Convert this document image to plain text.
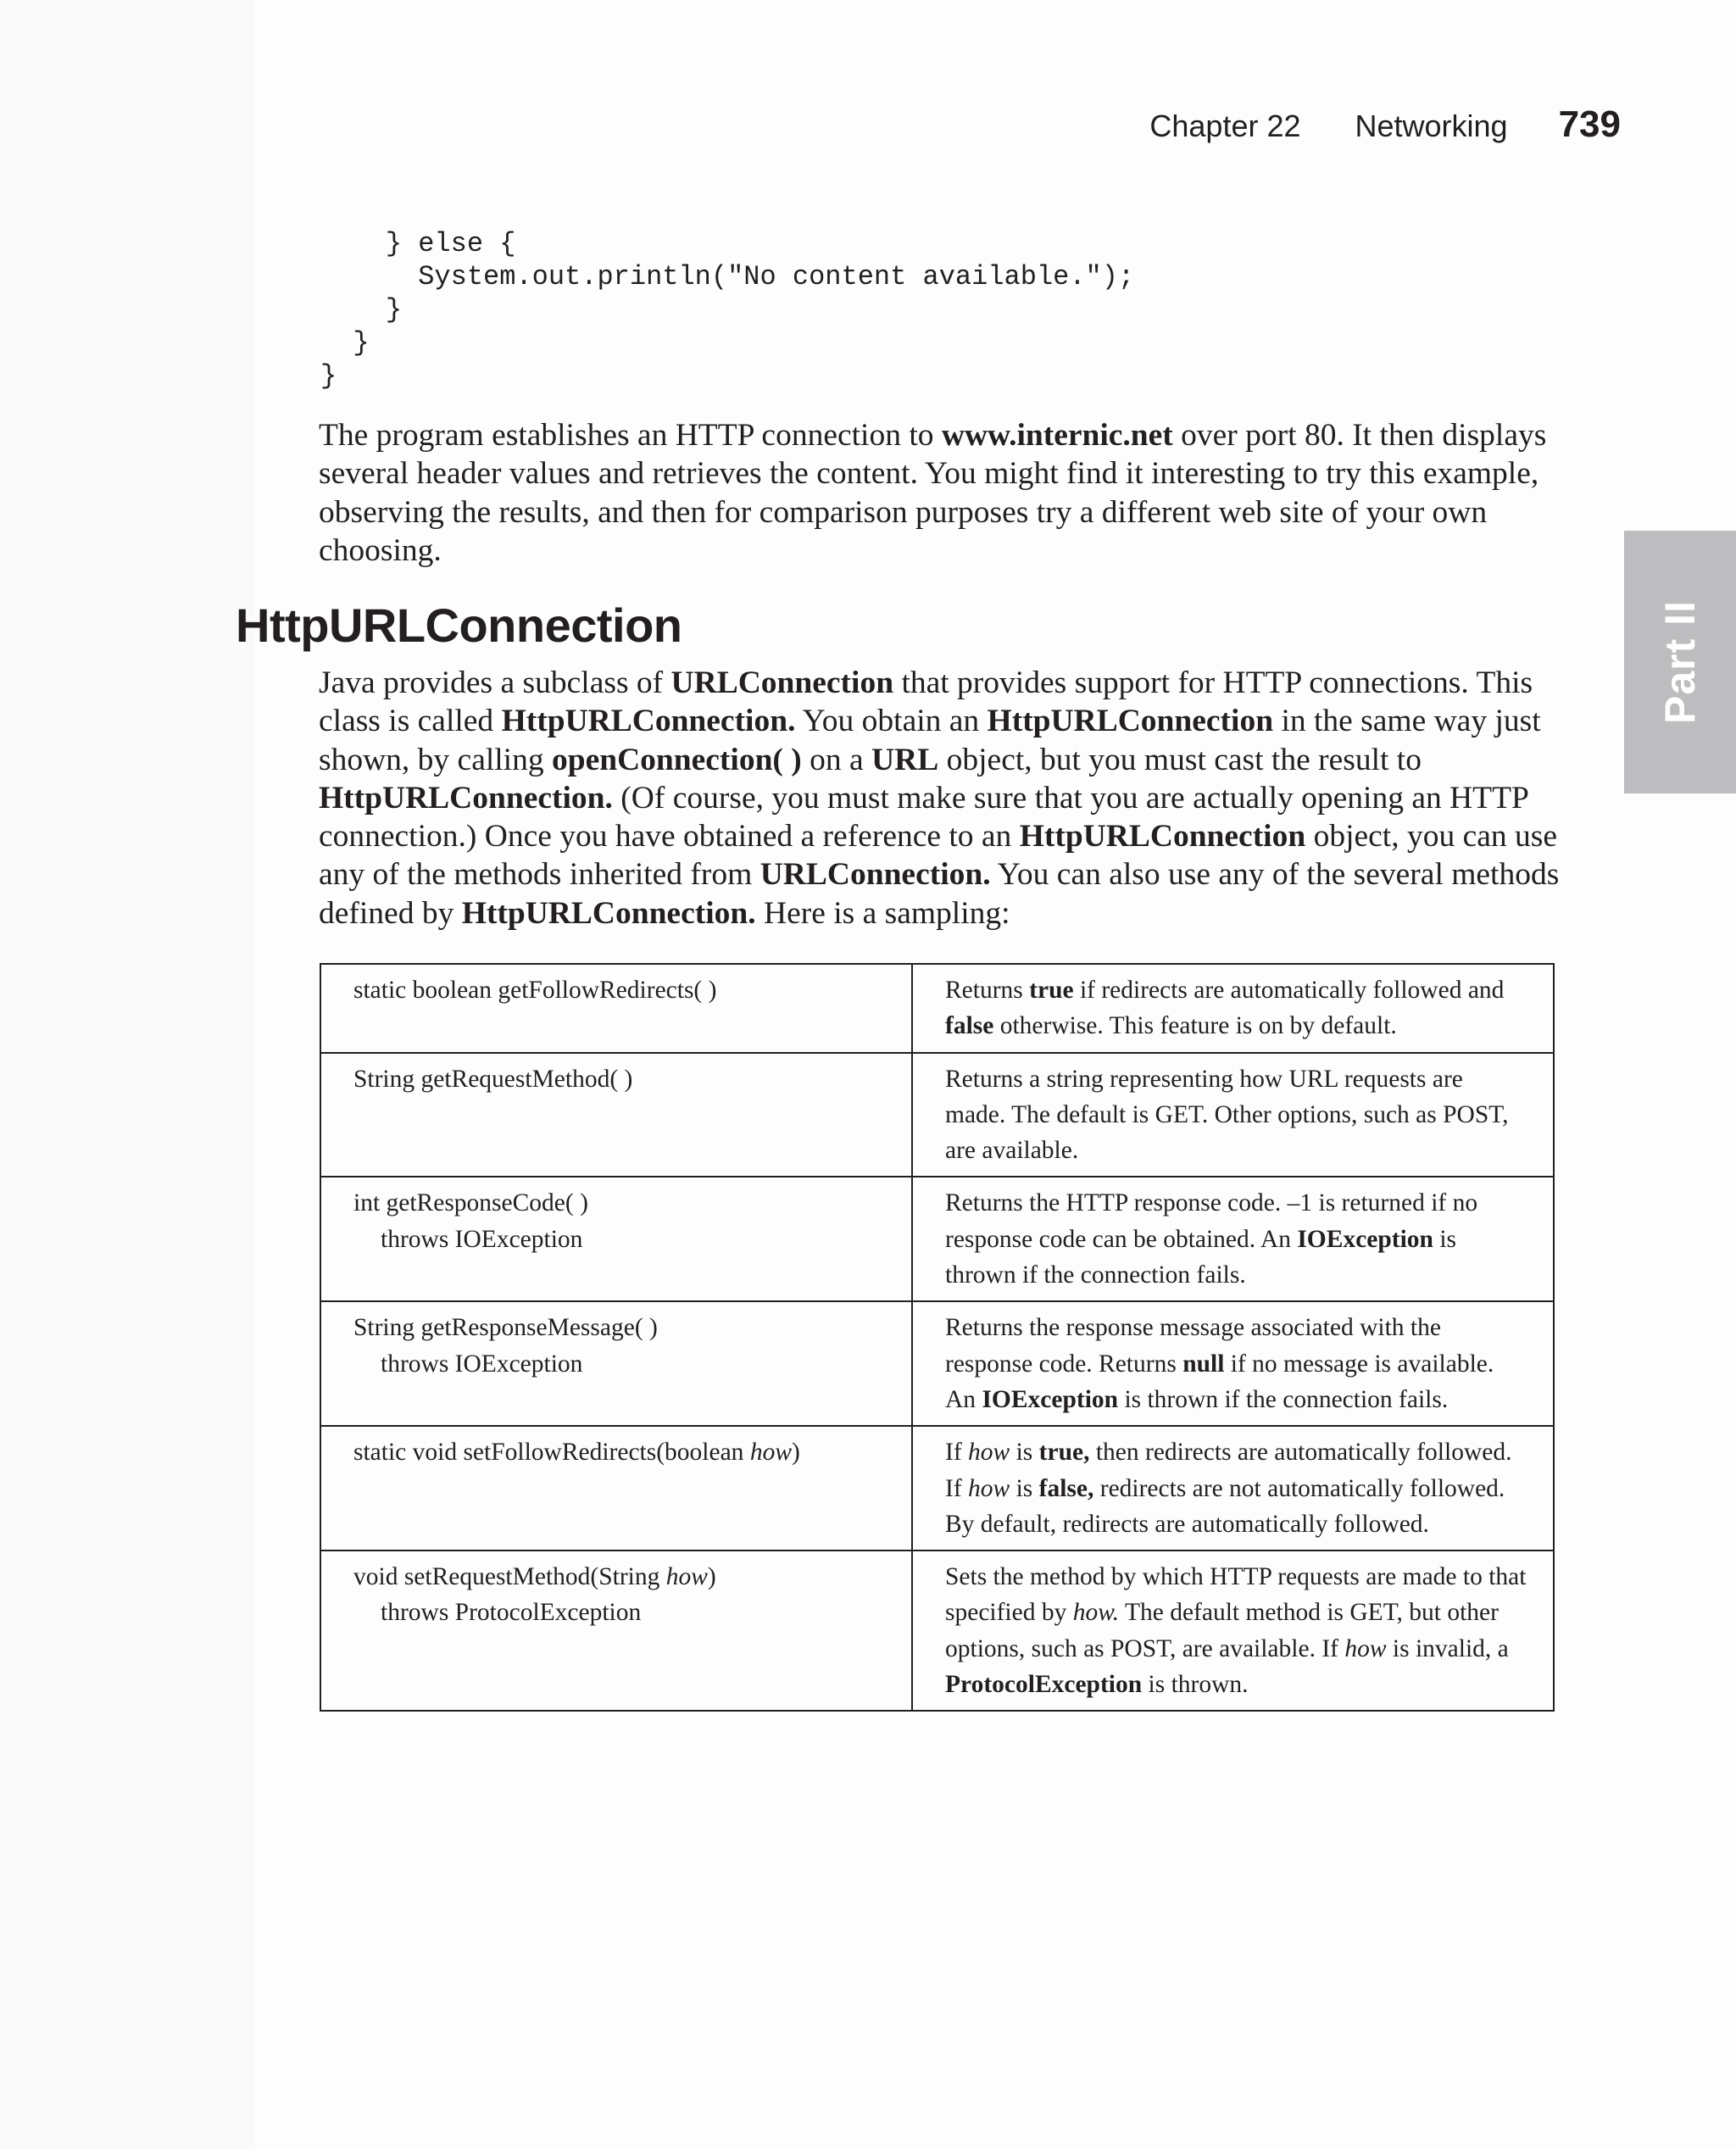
Chapter 22 Networking 739
Part II
} else {
System.out.println("No content available.");
}
}
}

The program establishes an HTTP connection to www.internic.net over port 80. It then displays several header values and retrieves the content. You might find it interesting to try this example, observing the results, and then for comparison purposes try a different web site of your own choosing.

HttpURLConnection

Java provides a subclass of URLConnection that provides support for HTTP connections. This class is called HttpURLConnection. You obtain an HttpURLConnection in the same way just shown, by calling openConnection( ) on a URL object, but you must cast the result to HttpURLConnection. (Of course, you must make sure that you are actually opening an HTTP connection.) Once you have obtained a reference to an HttpURLConnection object, you can use any of the methods inherited from URLConnection. You can also use any of the several methods defined by HttpURLConnection. Here is a sampling:

static boolean getFollowRedirects( )	Returns true if redirects are automatically followed and false otherwise. This feature is on by default.
String getRequestMethod( )	Returns a string representing how URL requests are made. The default is GET. Other options, such as POST, are available.
int getResponseCode( )
throws IOException	Returns the HTTP response code. –1 is returned if no response code can be obtained. An IOException is thrown if the connection fails.
String getResponseMessage( )
throws IOException	Returns the response message associated with the response code. Returns null if no message is available. An IOException is thrown if the connection fails.
static void setFollowRedirects(boolean how)	If how is true, then redirects are automatically followed. If how is false, redirects are not automatically followed. By default, redirects are automatically followed.
void setRequestMethod(String how)
throws ProtocolException	Sets the method by which HTTP requests are made to that specified by how. The default method is GET, but other options, such as POST, are available. If how is invalid, a ProtocolException is thrown.
